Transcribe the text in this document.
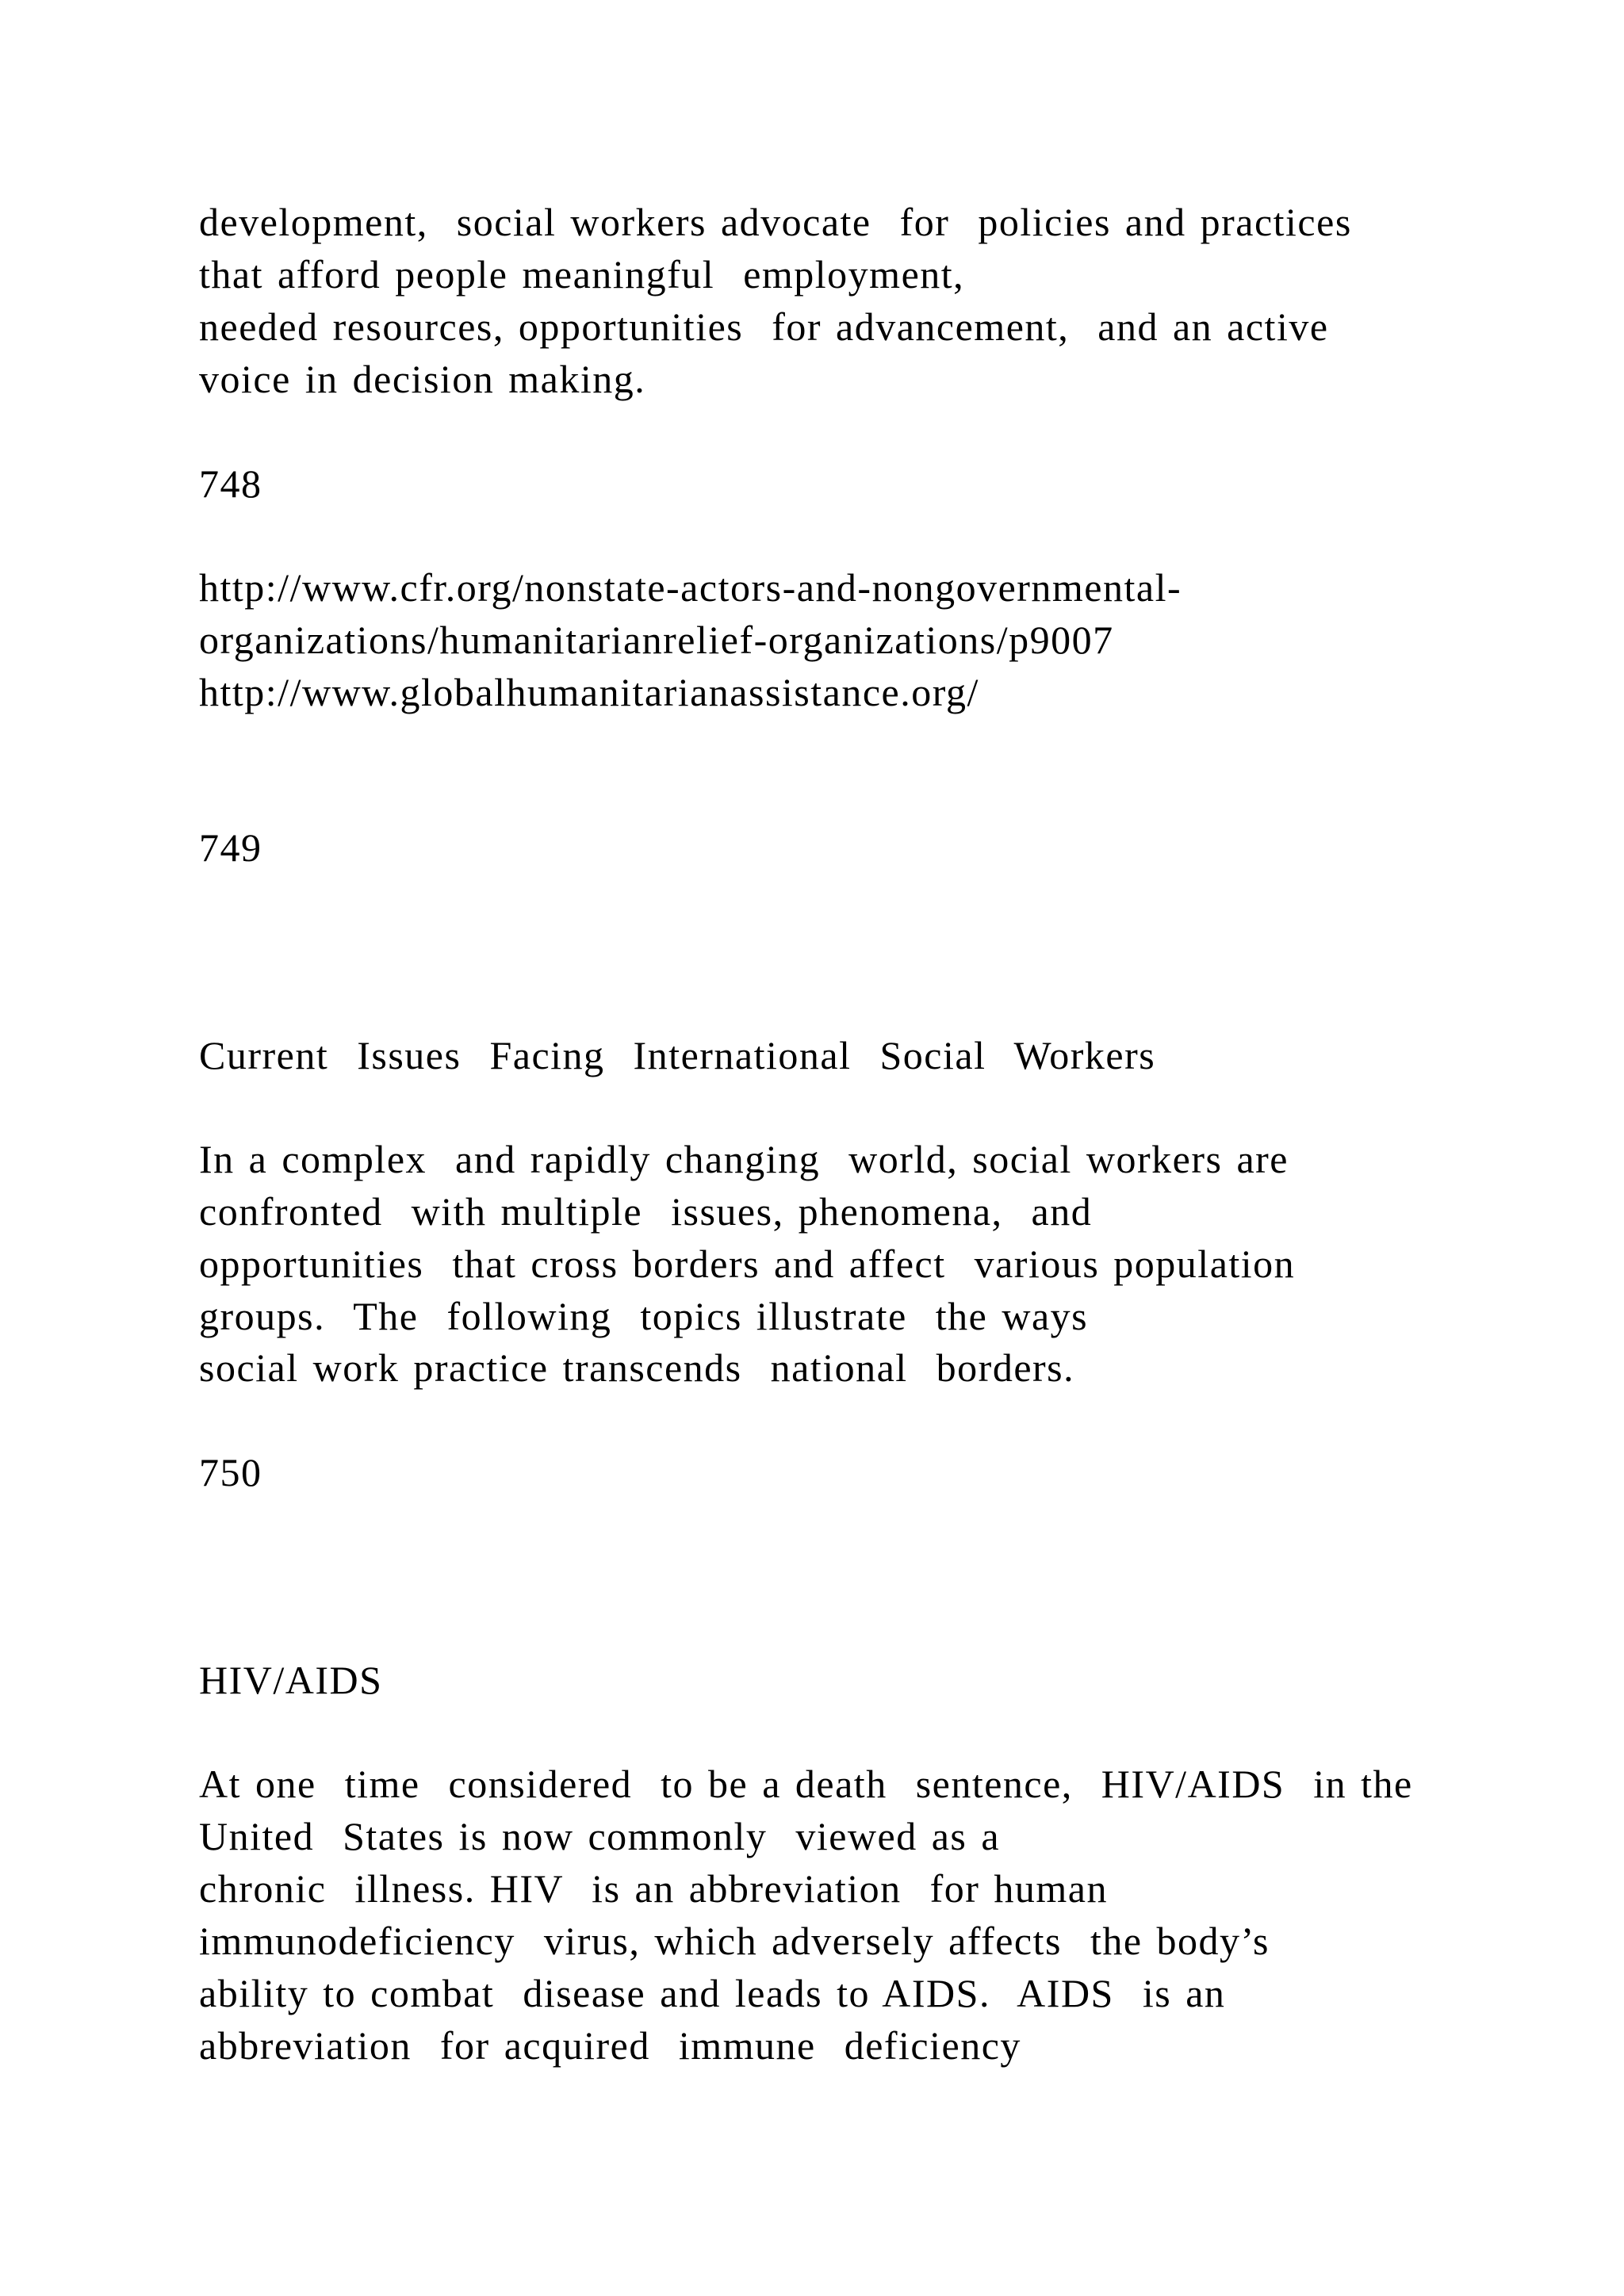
development,  social workers advocate  for  policies and practices
that afford people meaningful  employment,
needed resources, opportunities  for advancement,  and an active
voice in decision making.
748
http://www.cfr.org/nonstate-actors-and-nongovernmental-
organizations/humanitarianrelief-organizations/p9007
http://www.globalhumanitarianassistance.org/
749
Current  Issues  Facing  International  Social  Workers
In a complex  and rapidly changing  world, social workers are
confronted  with multiple  issues, phenomena,  and
opportunities  that cross borders and affect  various population
groups.  The  following  topics illustrate  the ways
social work practice transcends  national  borders.
750
HIV/AIDS
At one  time  considered  to be a death  sentence,  HIV/AIDS  in the
United  States is now commonly  viewed as a
chronic  illness. HIV  is an abbreviation  for human
immunodeficiency  virus, which adversely affects  the body’s
ability to combat  disease and leads to AIDS.  AIDS  is an
abbreviation  for acquired  immune  deficiency
